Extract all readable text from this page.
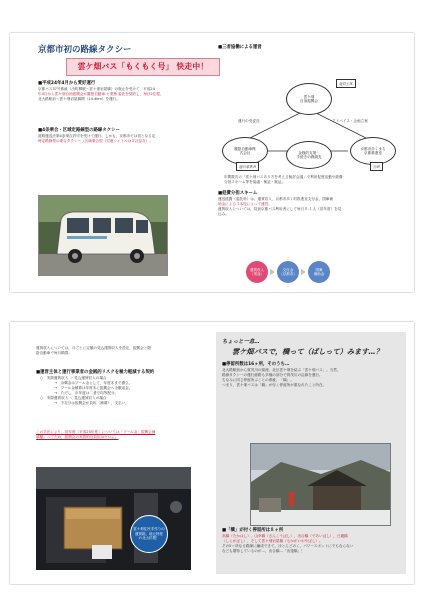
京都市初の路線タクシー
雲ケ畑バス「もくもく号」 快走中！

■平成24年4月から愛好運行

京都バス37号系統（出町柳駅〜雲ケ畑岩屋橋）の廃止を受けて，平成24

年4月から雲ケ畑自治振興会が腰掛自動車 と業務 委託を契約し，毎日2往復，

北大路駅前〜雲ケ畑岩屋橋間（14.4km）を運行。

■4条乗合・区域定路線型の路線タクシー

道路運送法第4条乗合許可を受けて運行。しかも，京都市では初となる定

時定路線型の乗合タクシー（区域乗合型（空港シャトルは２社存在）。

■三者協働による運営

雲ケ畑
自治振興会
腰掛自動車株
式会社	金銭的支援・
手続きの務調先
京都市歩くまち
京都推進室
運行の受委託	アドバイス・企画立案
運営主体
運行事業者	行政

年間数次の「雲ケ畑バスあり方を考える検討会議」で利用促進活動や経費

分担スキーム等を協議・検証・検証。

■経費分担スキーム

運送経費（委託料）は，運賃収入，京都市歩く町推進室支付金，国庫補

助金による３本柱によって運営。

運賃収入については，従前京都バス利用者にして毎日０.１人（初年度）を見

込み。

運賃収入
（別途）
交付金
（京都市）
国庫
補助金

運賃収入については，月ごとに定額の見込運賃収入を設定，振興会と随

掛自動車で毎月精算。

■運営主体と運行事業者の金銭的リスクを極力軽減する契約

○　実際運賃収入 ＞ 見込運賃収入の場合

→　余剰金はプール金として，年度末まで積立。

→　プール金積算は年度末に振興会へ全額返金。

→　ただし，年年度は二者で均等配分。

○　実際運賃収入 ＜ 見込運賃収入の場合

→　不足分は振興会が負担（補填），支払い。

この手法により，初年度（平成25年度）については「プール金」振興会補

填額」ってため，振興会の実質的な負担はゼロに。

雲ケ畑住民手作りの
運賃箱。地元特産
の北山杉製！
ちょっと一息…
雲ケ畑バスで，橋って（ばしって）みます…？

■停留所数は16ヶ所，そのうち…

北大路駅前から賀茂川の源流，北区雲ケ畑を結ぶ「雲ケ畑バス」。当然，

路線タクシーの運行経路も多様の部分で賀茂川の沿線を運行。

ちなみに同じ停留所ぶことの系統，「橋」。

つまり，雲ケ畑バスは「橋」が付く停留所が重なれたこと所在。

■「橋」が付く停留所は８ヶ所

高橋（たかはし），山幸橋（さんこうばし），出合橋（であいばし），白巌橋

（しらがばし），そして雲ケ畑岩屋橋（もかがいわやばし）。

その5ヶ所なる路線に編成できて，ほとんどのく，パワースポットにでもならない

なども期待しているのが…，出合橋…「出逢橋」！
